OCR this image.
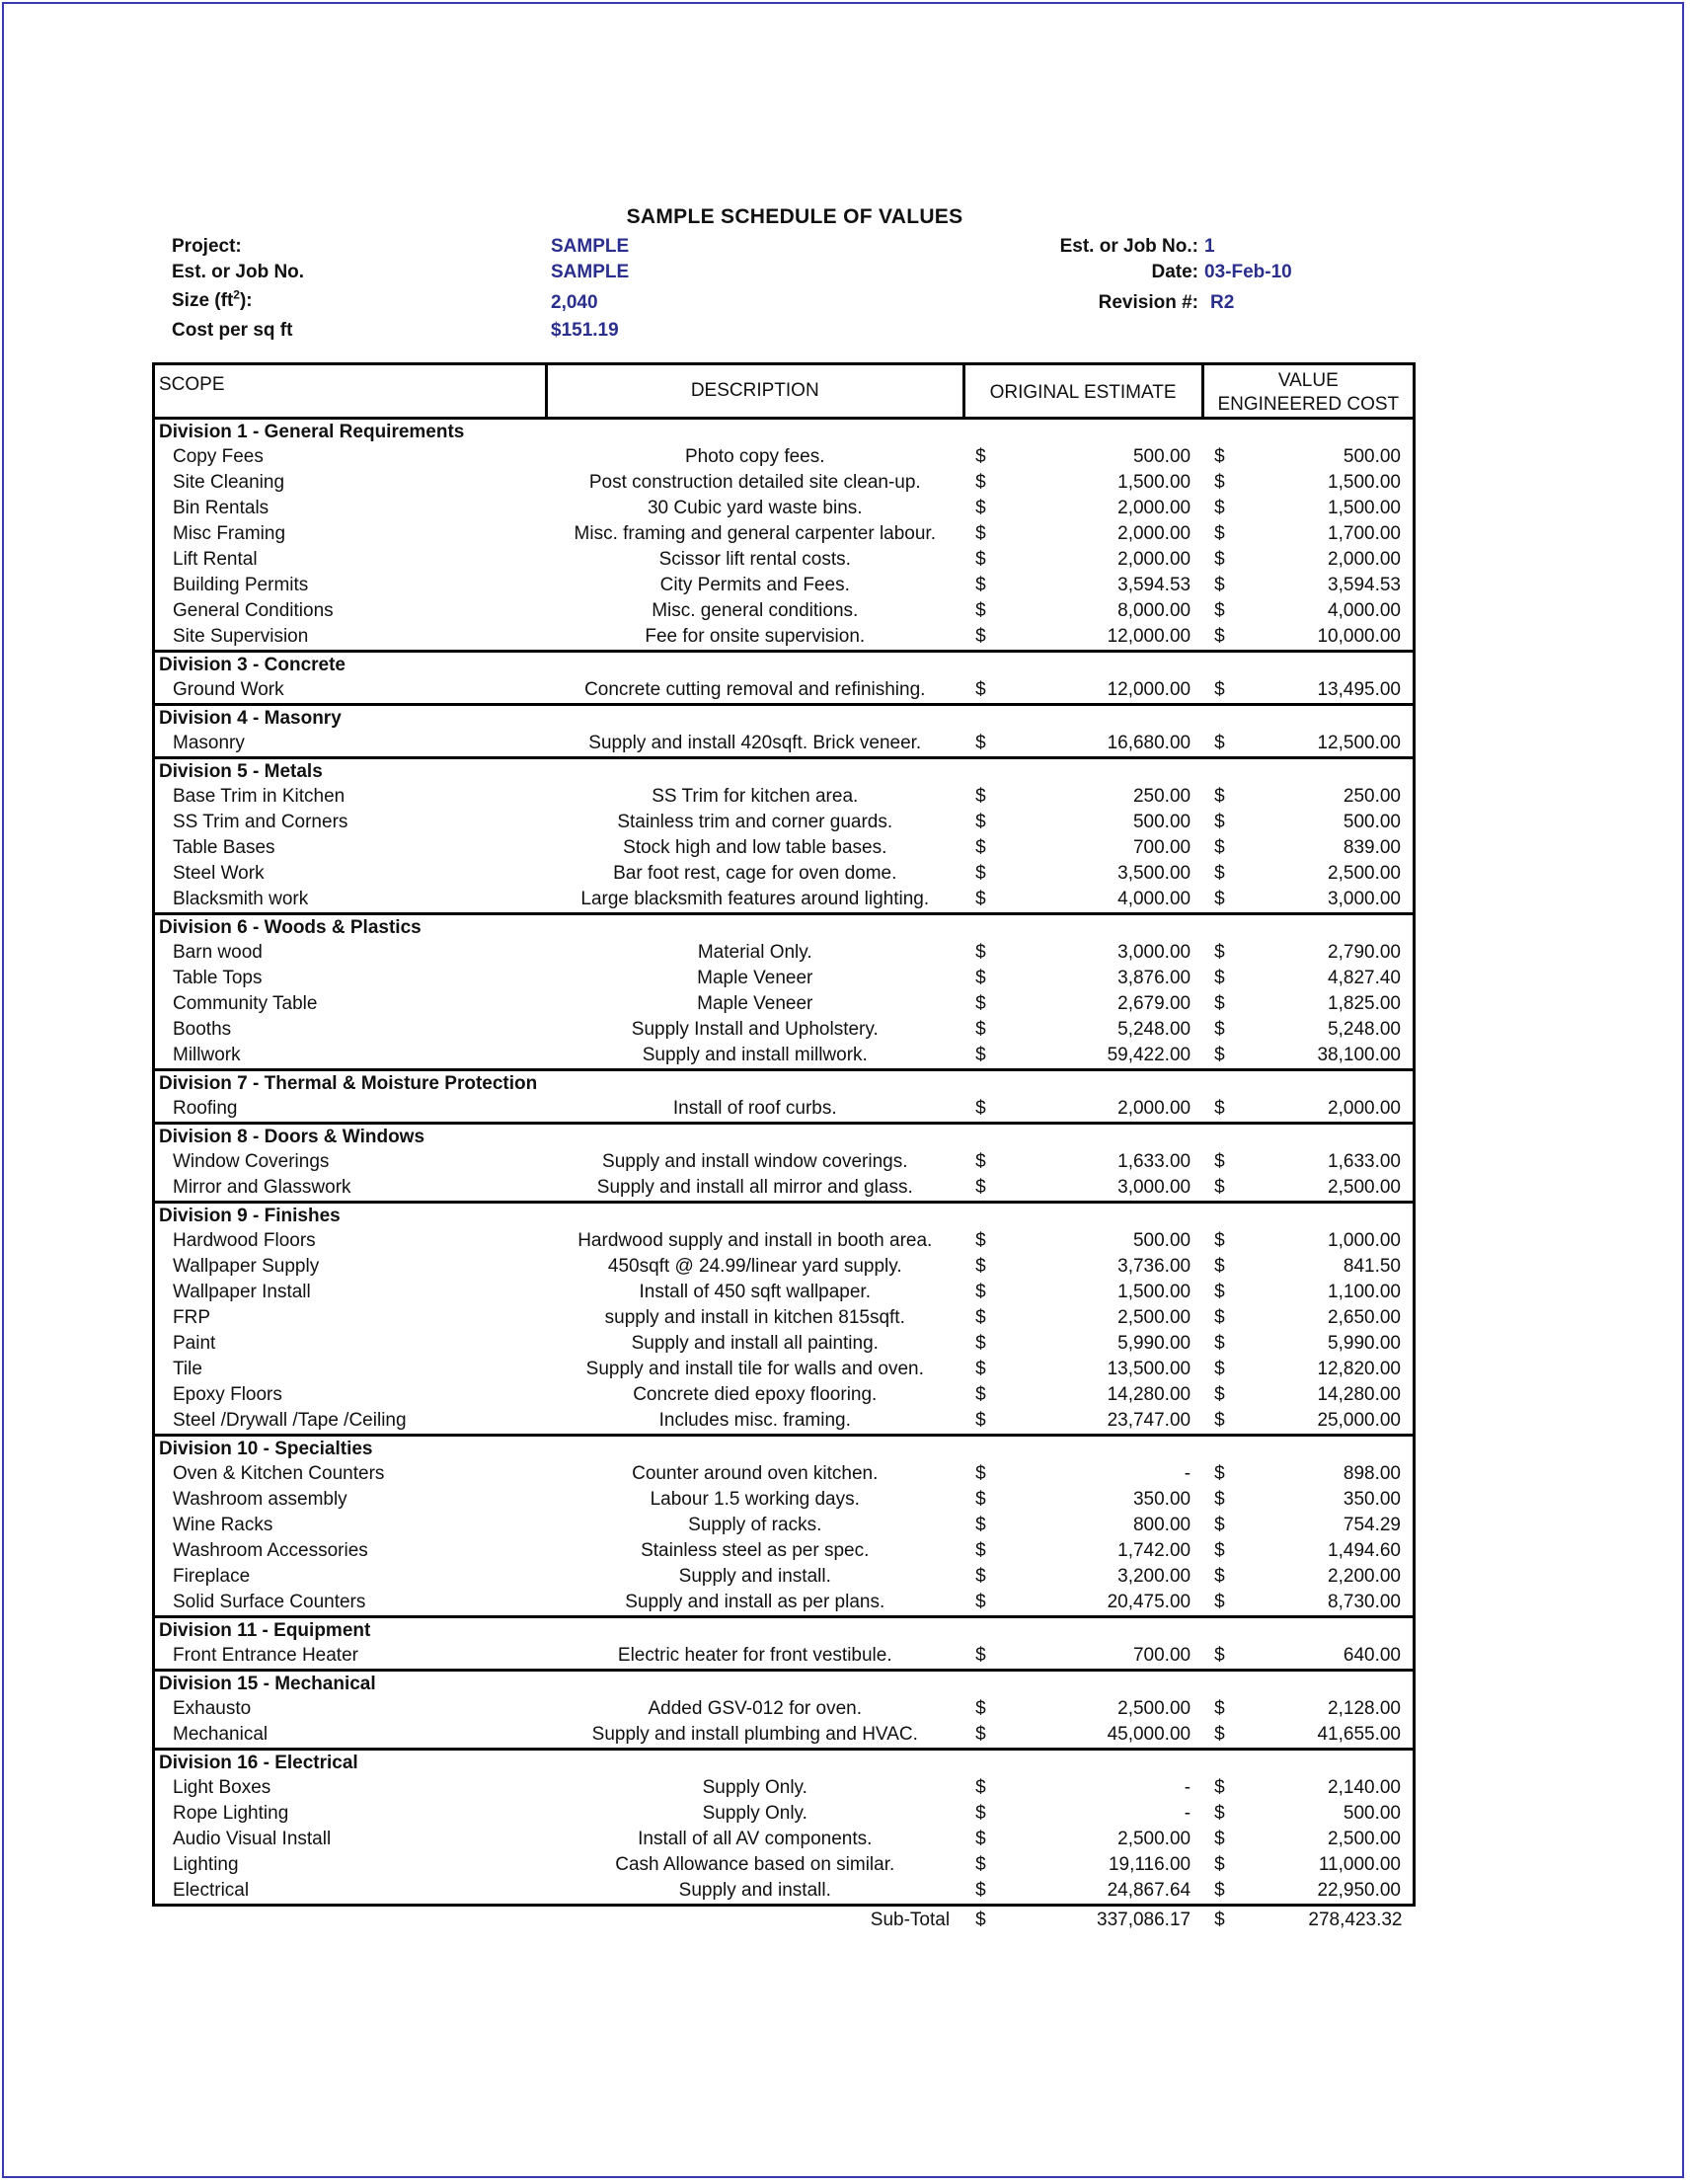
SAMPLE SCHEDULE OF VALUES
Project:	SAMPLE
Est. or Job No.	SAMPLE
Size $(ft^2)$:	2,040
Cost per sq ft	$151.19
Est. or Job No.: 1
Date: 03-Feb-10
Revision #: R2
SCOPE	DESCRIPTION	ORIGINAL ESTIMATE	VALUE
ENGINEERED COST
Division 1 - General Requirements			
Copy Fees	Photo copy fees.	$ 500.00	$ 500.00

Site Cleaning	Post construction detailed site clean-up.	$ 1,500.00	$ 1,500.00

Bin Rentals	30 Cubic yard waste bins.	$ 2,000.00	$ 1,500.00

Misc Framing	Misc. framing and general carpenter labour.	$ 2,000.00	$ 1,700.00

Lift Rental	Scissor lift rental costs.	$ 2,000.00	$ 2,000.00

Building Permits	City Permits and Fees.	$ 3,594.53	$ 3,594.53

General Conditions	Misc. general conditions.	$ 8,000.00	$ 4,000.00

Site Supervision	Fee for onsite supervision.	$ 12,000.00	$ 10,000.00

Division 3 - Concrete			
Ground Work	Concrete cutting removal and refinishing.	$ 12,000.00	$ 13,495.00

Division 4 - Masonry			
Masonry	Supply and install 420sqft. Brick veneer.	$ 16,680.00	$ 12,500.00

Division 5 - Metals			
Base Trim in Kitchen	SS Trim for kitchen area.	$ 250.00	$ 250.00

SS Trim and Corners	Stainless trim and corner guards.	$ 500.00	$ 500.00

Table Bases	Stock high and low table bases.	$ 700.00	$ 839.00

Steel Work	Bar foot rest, cage for oven dome.	$ 3,500.00	$ 2,500.00

Blacksmith work	Large blacksmith features around lighting.	$ 4,000.00	$ 3,000.00

Division 6 - Woods & Plastics			
Barn wood	Material Only.	$ 3,000.00	$ 2,790.00

Table Tops	Maple Veneer	$ 3,876.00	$ 4,827.40

Community Table	Maple Veneer	$ 2,679.00	$ 1,825.00

Booths	Supply Install and Upholstery.	$ 5,248.00	$ 5,248.00

Millwork	Supply and install millwork.	$ 59,422.00	$ 38,100.00

Division 7 - Thermal & Moisture Protection			
Roofing	Install of roof curbs.	$ 2,000.00	$ 2,000.00

Division 8 - Doors & Windows			
Window Coverings	Supply and install window coverings.	$ 1,633.00	$ 1,633.00

Mirror and Glasswork	Supply and install all mirror and glass.	$ 3,000.00	$ 2,500.00

Division 9 - Finishes			
Hardwood Floors	Hardwood supply and install in booth area.	$ 500.00	$ 1,000.00

Wallpaper Supply	450sqft @ 24.99/linear yard supply.	$ 3,736.00	$ 841.50

Wallpaper Install	Install of 450 sqft wallpaper.	$ 1,500.00	$ 1,100.00

FRP	supply and install in kitchen 815sqft.	$ 2,500.00	$ 2,650.00

Paint	Supply and install all painting.	$ 5,990.00	$ 5,990.00

Tile	Supply and install tile for walls and oven.	$ 13,500.00	$ 12,820.00

Epoxy Floors	Concrete died epoxy flooring.	$ 14,280.00	$ 14,280.00

Steel /Drywall /Tape /Ceiling	Includes misc. framing.	$ 23,747.00	$ 25,000.00

Division 10 - Specialties			
Oven & Kitchen Counters	Counter around oven kitchen.	$ -	$ 898.00

Washroom assembly	Labour 1.5 working days.	$ 350.00	$ 350.00

Wine Racks	Supply of racks.	$ 800.00	$ 754.29

Washroom Accessories	Stainless steel as per spec.	$ 1,742.00	$ 1,494.60

Fireplace	Supply and install.	$ 3,200.00	$ 2,200.00

Solid Surface Counters	Supply and install as per plans.	$ 20,475.00	$ 8,730.00

Division 11 - Equipment			
Front Entrance Heater	Electric heater for front vestibule.	$ 700.00	$ 640.00

Division 15 - Mechanical			
Exhausto	Added GSV-012 for oven.	$ 2,500.00	$ 2,128.00

Mechanical	Supply and install plumbing and HVAC.	$ 45,000.00	$ 41,655.00

Division 16 - Electrical			
Light Boxes	Supply Only.	$ -	$ 2,140.00

Rope Lighting	Supply Only.	$ -	$ 500.00

Audio Visual Install	Install of all AV components.	$ 2,500.00	$ 2,500.00

Lighting	Cash Allowance based on similar.	$ 19,116.00	$ 11,000.00

Electrical	Supply and install.	$ 24,867.64	$ 22,950.00

	Sub-Total	$ 337,086.17	$ 278,423.32
